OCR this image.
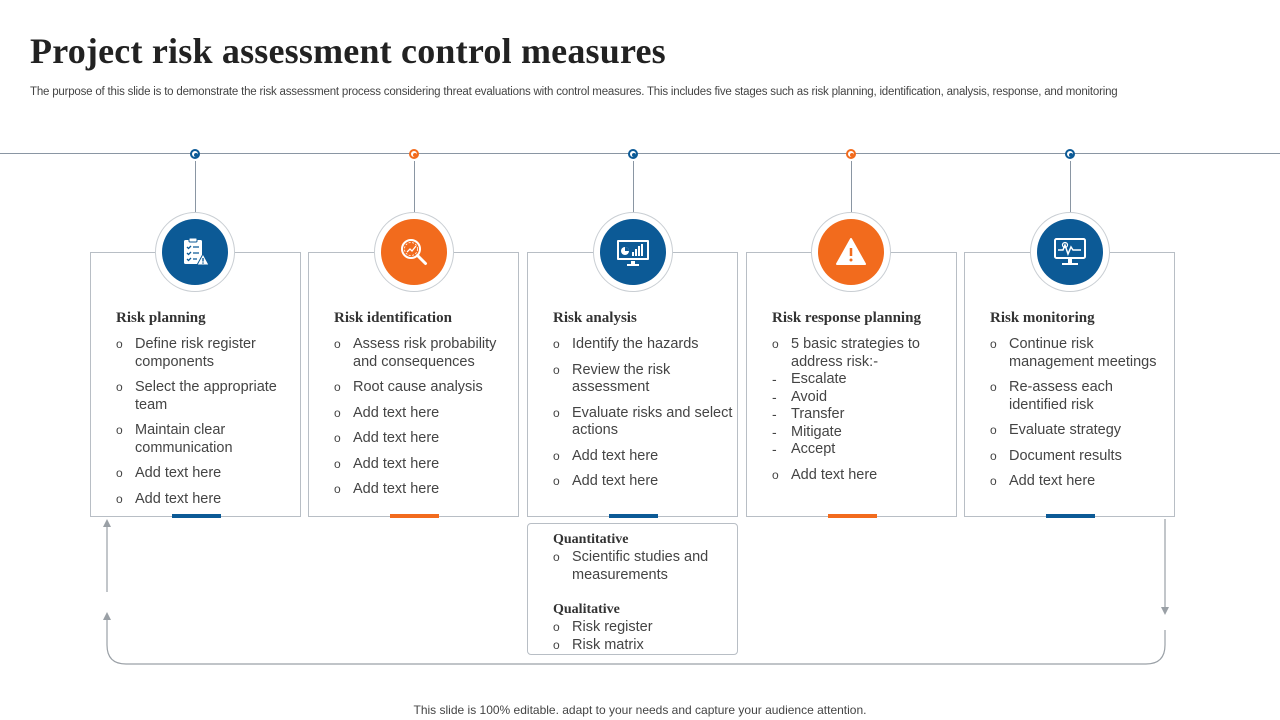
Project risk assessment control measures
The purpose of this slide is to demonstrate the risk assessment process considering threat evaluations with control measures. This includes five stages such as risk planning, identification, analysis, response, and monitoring
Risk planning
o Define risk register components
o Select the appropriate team
o Maintain clear communication
o Add text here
o Add text here
Risk identification
o Assess risk probability and consequences
o Root cause analysis
o Add text here
o Add text here
o Add text here
o Add text here
Risk analysis
o Identify the hazards
o Review the risk assessment
o Evaluate risks and select actions
o Add text here
o Add text here
Risk response planning
o 5 basic strategies to address risk:-
- Escalate
- Avoid
- Transfer
- Mitigate
- Accept
o Add text here
Risk monitoring
o Continue risk management meetings
o Re-assess each identified risk
o Evaluate strategy
o Document results
o Add text here
Quantitative
o Scientific studies and measurements
Qualitative
o Risk register
o Risk matrix
This slide is 100% editable. adapt to your needs and capture your audience attention.
